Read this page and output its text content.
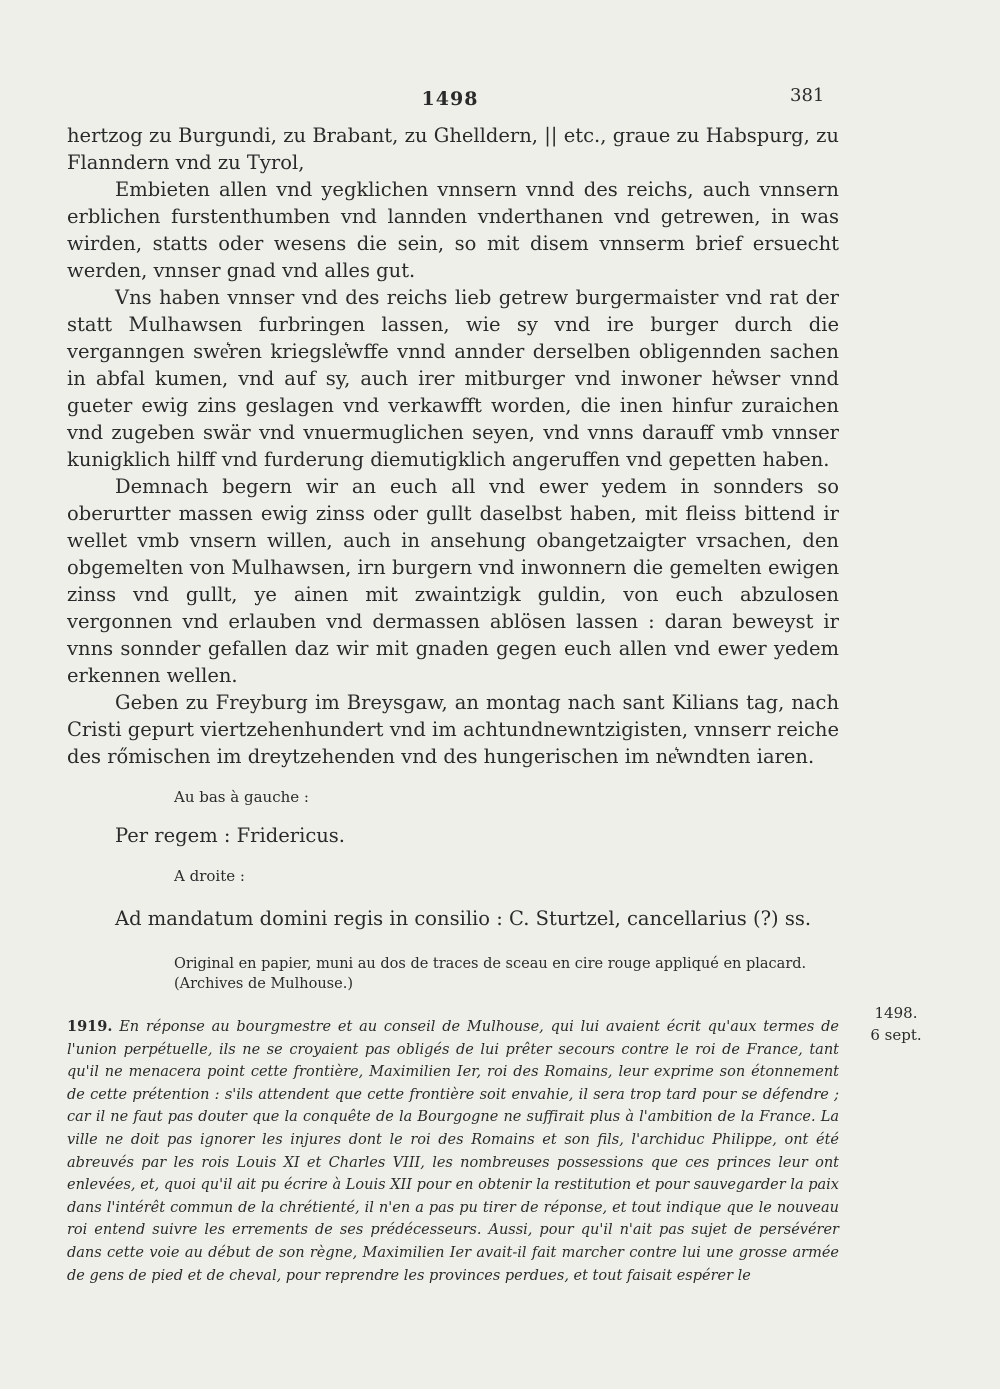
1498	381

hertzog zu Burgundi, zu Brabant, zu Ghelldern, || etc., graue zu Habspurg, zu Flanndern vnd zu Tyrol,

Embieten allen vnd yegklichen vnnsern vnnd des reichs, auch vnnsern erblichen furstenthumben vnd lannden vnderthanen vnd getrewen, in was wirden, statts oder wesens die sein, so mit disem vnnserm brief ersuecht werden, vnnser gnad vnd alles gut.

Vns haben vnnser vnd des reichs lieb getrew burgermaister vnd rat der statt Mulhawsen furbringen lassen, wie sy vnd ire burger durch die verganngen swe͛ren kriegsle͛wffe vnnd annder derselben obligennden sachen in abfal kumen, vnd auf sy, auch irer mitburger vnd inwoner he͛wser vnnd gueter ewig zins geslagen vnd verkawfft worden, die inen hinfur zuraichen vnd zugeben swär vnd vnuermuglichen seyen, vnd vnns darauff vmb vnnser kunigklich hilff vnd furderung diemutigklich angeruffen vnd gepetten haben.

Demnach begern wir an euch all vnd ewer yedem in sonnders so oberurtter massen ewig zinss oder gullt daselbst haben, mit fleiss bittend ir wellet vmb vnsern willen, auch in ansehung obangetzaigter vrsachen, den obgemelten von Mulhawsen, irn burgern vnd inwonnern die gemelten ewigen zinss vnd gullt, ye ainen mit zwaintzigk guldin, von euch abzulosen vergonnen vnd erlauben vnd dermassen ablösen lassen : daran beweyst ir vnns sonnder gefallen daz wir mit gnaden gegen euch allen vnd ewer yedem erkennen wellen.

Geben zu Freyburg im Breysgaw, an montag nach sant Kilians tag, nach Cristi gepurt viertzehenhundert vnd im achtundnewntzigisten, vnnserr reiche des rőmischen im dreytzehenden vnd des hungerischen im ne͛wndten iaren.

Au bas à gauche :
Per regem : Fridericus.
A droite :
Ad mandatum domini regis in consilio : C. Sturtzel, cancellarius (?) ss.
Original en papier, muni au dos de traces de sceau en cire rouge appliqué en placard.
(Archives de Mulhouse.)
1498.
6 sept.
1919. En réponse au bourgmestre et au conseil de Mulhouse, qui lui avaient écrit qu'aux termes de l'union perpétuelle, ils ne se croyaient pas obligés de lui prêter secours contre le roi de France, tant qu'il ne menacera point cette frontière, Maximilien Ier, roi des Romains, leur exprime son étonnement de cette prétention : s'ils attendent que cette frontière soit envahie, il sera trop tard pour se défendre ; car il ne faut pas douter que la conquête de la Bourgogne ne suffirait plus à l'ambition de la France. La ville ne doit pas ignorer les injures dont le roi des Romains et son fils, l'archiduc Philippe, ont été abreuvés par les rois Louis XI et Charles VIII, les nombreuses possessions que ces princes leur ont enlevées, et, quoi qu'il ait pu écrire à Louis XII pour en obtenir la restitution et pour sauvegarder la paix dans l'intérêt commun de la chrétienté, il n'en a pas pu tirer de réponse, et tout indique que le nouveau roi entend suivre les errements de ses prédécesseurs. Aussi, pour qu'il n'ait pas sujet de persévérer dans cette voie au début de son règne, Maximilien Ier avait-il fait marcher contre lui une grosse armée de gens de pied et de cheval, pour reprendre les provinces perdues, et tout faisait espérer le
